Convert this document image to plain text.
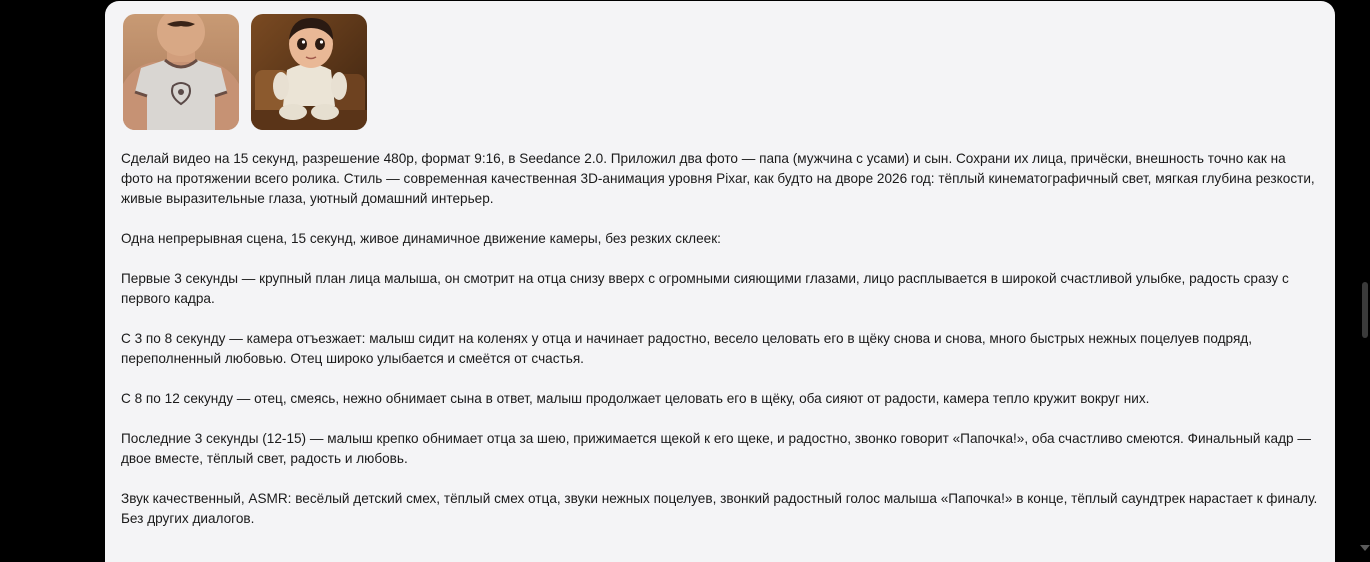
Сделай видео на 15 секунд, разрешение 480p, формат 9:16, в Seedance 2.0. Приложил два фото — папа (мужчина с усами) и сын. Сохрани их лица, причёски, внешность точно как на фото на протяжении всего ролика. Стиль — современная качественная 3D-анимация уровня Pixar, как будто на дворе 2026 год: тёплый кинематографичный свет, мягкая глубина резкости, живые выразительные глаза, уютный домашний интерьер.

Одна непрерывная сцена, 15 секунд, живое динамичное движение камеры, без резких склеек:

Первые 3 секунды — крупный план лица малыша, он смотрит на отца снизу вверх с огромными сияющими глазами, лицо расплывается в широкой счастливой улыбке, радость сразу с первого кадра.

С 3 по 8 секунду — камера отъезжает: малыш сидит на коленях у отца и начинает радостно, весело целовать его в щёку снова и снова, много быстрых нежных поцелуев подряд, переполненный любовью. Отец широко улыбается и смеётся от счастья.

С 8 по 12 секунду — отец, смеясь, нежно обнимает сына в ответ, малыш продолжает целовать его в щёку, оба сияют от радости, камера тепло кружит вокруг них.

Последние 3 секунды (12-15) — малыш крепко обнимает отца за шею, прижимается щекой к его щеке, и радостно, звонко говорит «Папочка!», оба счастливо смеются. Финальный кадр — двое вместе, тёплый свет, радость и любовь.

Звук качественный, ASMR: весёлый детский смех, тёплый смех отца, звуки нежных поцелуев, звонкий радостный голос малыша «Папочка!» в конце, тёплый саундтрек нарастает к финалу. Без других диалогов.
